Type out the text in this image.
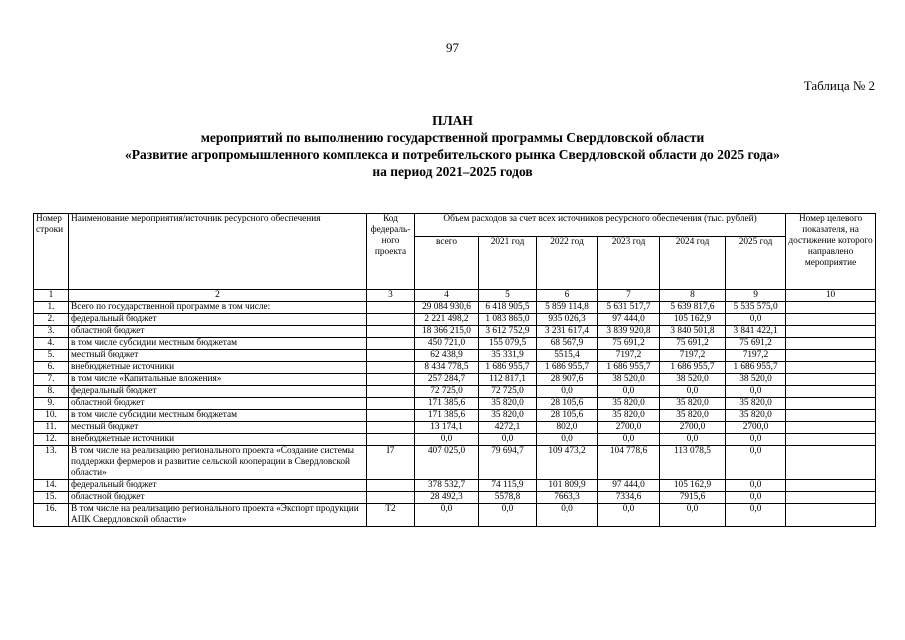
97
Таблица № 2
ПЛАН
мероприятий по выполнению государственной программы Свердловской области
«Развитие агропромышленного комплекса и потребительского рынка Свердловской области до 2025 года»
на период 2021–2025 годов
Номер строки	Наименование мероприятия/источник ресурсного обеспечения	Код федераль-ного проекта	Объем расходов за счет всех источников ресурсного обеспечения (тыс. рублей)						Номер целевого показателя, на достижение которого направлено мероприятие
			всего	2021 год	2022 год	2023 год	2024 год	2025 год	
1	2	3	4	5	6	7	8	9	10
1.	Всего по государственной программе в том числе:		29 084 930,6	6 418 905,5	5 859 114,8	5 631 517,7	5 639 817,6	5 535 575,0	
2.	федеральный бюджет		2 221 498,2	1 083 865,0	935 026,3	97 444,0	105 162,9	0,0	
3.	областной бюджет		18 366 215,0	3 612 752,9	3 231 617,4	3 839 920,8	3 840 501,8	3 841 422,1	
4.	в том числе субсидии местным бюджетам		450 721,0	155 079,5	68 567,9	75 691,2	75 691,2	75 691,2	
5.	местный бюджет		62 438,9	35 331,9	5515,4	7197,2	7197,2	7197,2	
6.	внебюджетные источники		8 434 778,5	1 686 955,7	1 686 955,7	1 686 955,7	1 686 955,7	1 686 955,7	
7.	в том числе «Капитальные вложения»		257 284,7	112 817,1	28 907,6	38 520,0	38 520,0	38 520,0	
8.	федеральный бюджет		72 725,0	72 725,0	0,0	0,0	0,0	0,0	
9.	областной бюджет		171 385,6	35 820,0	28 105,6	35 820,0	35 820,0	35 820,0	
10.	в том числе субсидии местным бюджетам		171 385,6	35 820,0	28 105,6	35 820,0	35 820,0	35 820,0	
11.	местный бюджет		13 174,1	4272,1	802,0	2700,0	2700,0	2700,0	
12.	внебюджетные источники		0,0	0,0	0,0	0,0	0,0	0,0	
13.	В том числе на реализацию регионального проекта «Создание системы поддержки фермеров и развитие сельской кооперации в Свердловской области»	I7	407 025,0	79 694,7	109 473,2	104 778,6	113 078,5	0,0	
14.	федеральный бюджет		378 532,7	74 115,9	101 809,9	97 444,0	105 162,9	0,0	
15.	областной бюджет		28 492,3	5578,8	7663,3	7334,6	7915,6	0,0	
16.	В том числе на реализацию регионального проекта «Экспорт продукции АПК Свердловской области»	T2	0,0	0,0	0,0	0,0	0,0	0,0	
